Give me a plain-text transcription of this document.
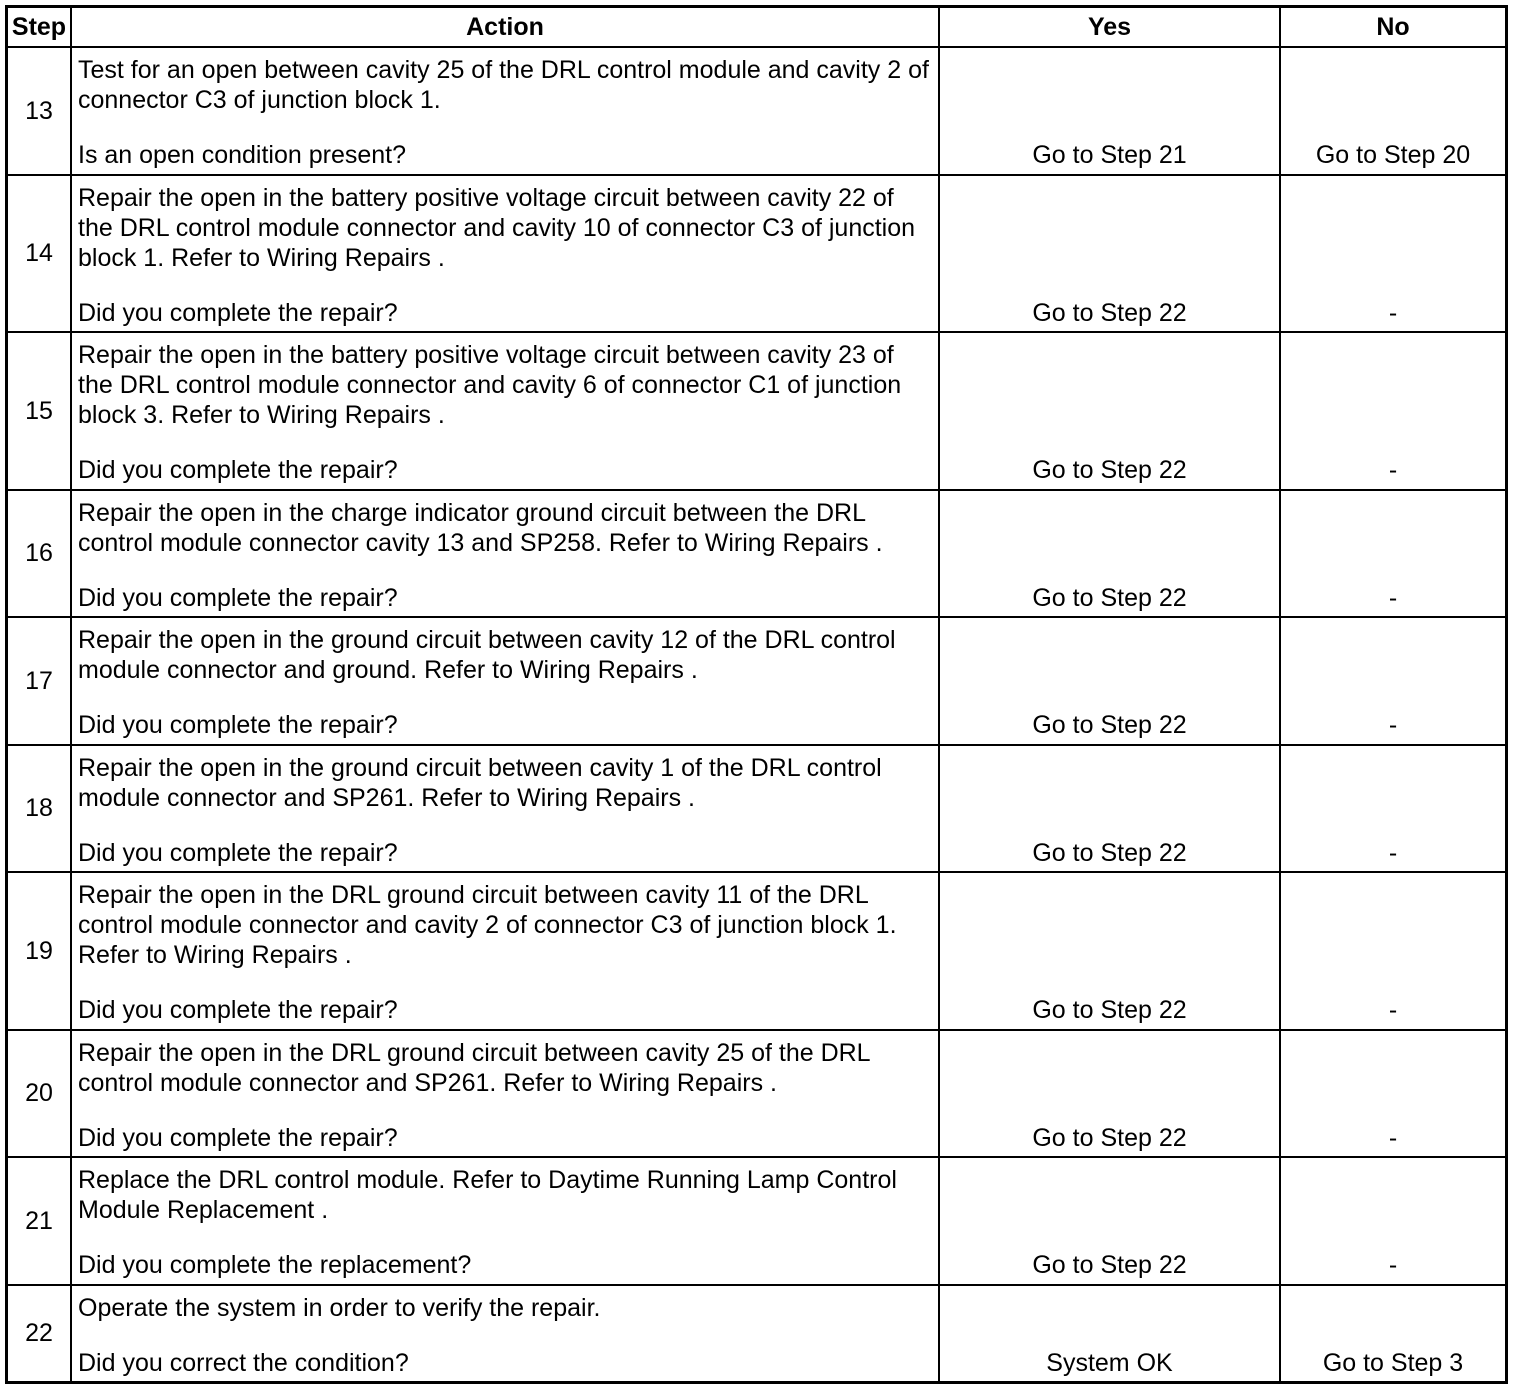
Step	Action	Yes	No
13
Test for an open between cavity 25 of the DRL control module and cavity 2 of
connector C3 of junction block 1.
Is an open condition present?	Go to Step 21	Go to Step 20
14
Repair the open in the battery positive voltage circuit between cavity 22 of
the DRL control module connector and cavity 10 of connector C3 of junction
block 1. Refer to Wiring Repairs .
Did you complete the repair?	Go to Step 22	-
15
Repair the open in the battery positive voltage circuit between cavity 23 of
the DRL control module connector and cavity 6 of connector C1 of junction
block 3. Refer to Wiring Repairs .
Did you complete the repair?	Go to Step 22	-
16
Repair the open in the charge indicator ground circuit between the DRL
control module connector cavity 13 and SP258. Refer to Wiring Repairs .
Did you complete the repair?	Go to Step 22	-
17
Repair the open in the ground circuit between cavity 12 of the DRL control
module connector and ground. Refer to Wiring Repairs .
Did you complete the repair?	Go to Step 22	-
18
Repair the open in the ground circuit between cavity 1 of the DRL control
module connector and SP261. Refer to Wiring Repairs .
Did you complete the repair?	Go to Step 22	-
19
Repair the open in the DRL ground circuit between cavity 11 of the DRL
control module connector and cavity 2 of connector C3 of junction block 1.
Refer to Wiring Repairs .
Did you complete the repair?	Go to Step 22	-
20
Repair the open in the DRL ground circuit between cavity 25 of the DRL
control module connector and SP261. Refer to Wiring Repairs .
Did you complete the repair?	Go to Step 22	-
21
Replace the DRL control module. Refer to Daytime Running Lamp Control
Module Replacement .
Did you complete the replacement?	Go to Step 22	-
22
Operate the system in order to verify the repair.
Did you correct the condition?	System OK	Go to Step 3
